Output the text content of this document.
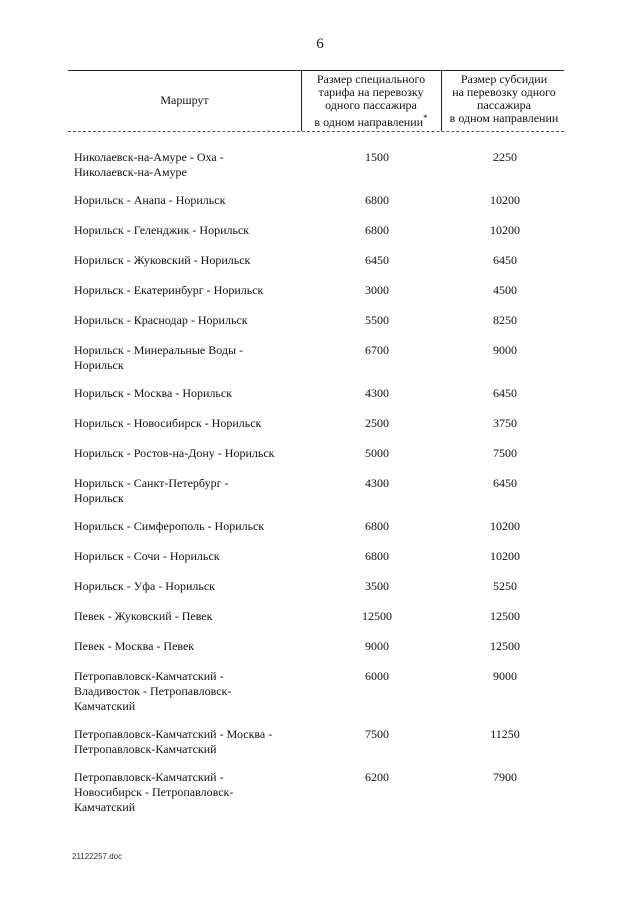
6
Маршрут
Размер специального
тарифа на перевозку
одного пассажира
в одном направлении*
Размер субсидии
на перевозку одного
пассажира
в одном направлении
Николаевск-на-Амуре - Оха -
Николаевск-на-Амуре
1500	2250
Норильск - Анапа - Норильск	6800	10200
Норильск - Геленджик - Норильск	6800	10200
Норильск - Жуковский - Норильск	6450	6450
Норильск - Екатеринбург - Норильск	3000	4500
Норильск - Краснодар - Норильск	5500	8250
Норильск - Минеральные Воды -
Норильск
6700	9000
Норильск - Москва - Норильск	4300	6450
Норильск - Новосибирск - Норильск	2500	3750
Норильск - Ростов-на-Дону - Норильск	5000	7500
Норильск - Санкт-Петербург -
Норильск
4300	6450
Норильск - Симферополь - Норильск	6800	10200
Норильск - Сочи - Норильск	6800	10200
Норильск - Уфа - Норильск	3500	5250
Певек - Жуковский - Певек	12500	12500
Певек - Москва - Певек	9000	12500
Петропавловск-Камчатский -
Владивосток - Петропавловск-
Камчатский
6000	9000
Петропавловск-Камчатский - Москва -
Петропавловск-Камчатский
7500	11250
Петропавловск-Камчатский -
Новосибирск - Петропавловск-
Камчатский
6200	7900
21122257.doc
